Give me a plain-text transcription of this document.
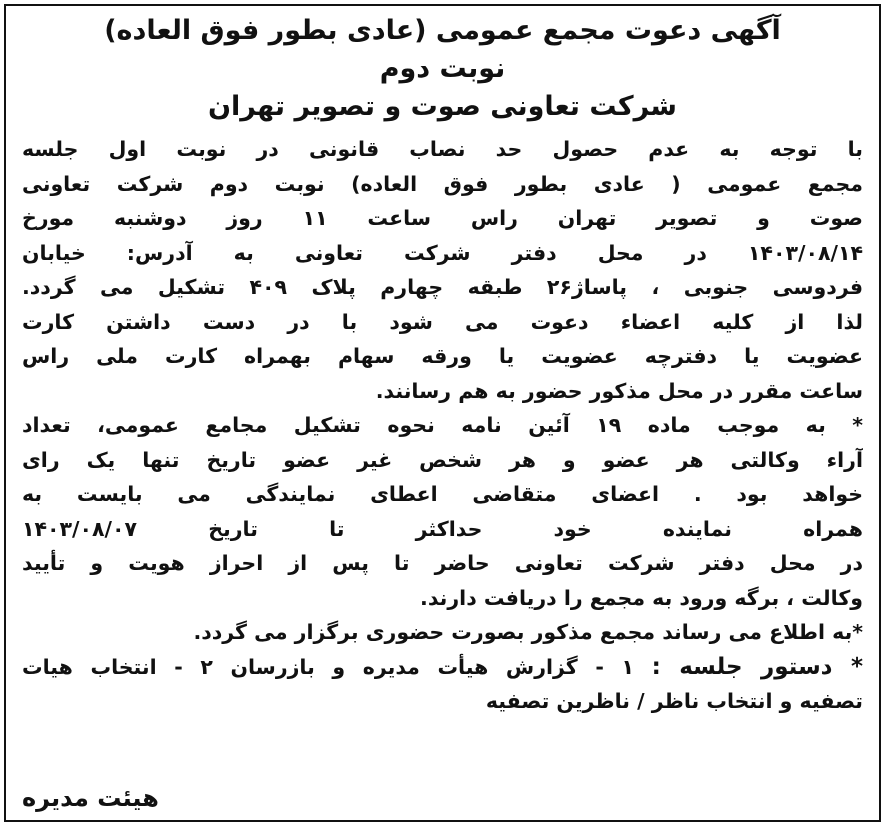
آگهی دعوت مجمع عمومی (عادی بطور فوق العاده)
نوبت دوم
شرکت تعاونی صوت و تصویر تهران
با توجه به عدم حصول حد نصاب قانونی در نوبت اول جلسه
مجمع عمومی ( عادی بطور فوق العاده) نوبت دوم شرکت تعاونی
صوت و تصویر تهران راس ساعت ۱۱ روز دوشنبه مورخ
۱۴۰۳/۰۸/۱۴ در محل دفتر شرکت تعاونی به آدرس: خیابان
فردوسی جنوبی ، پاساژ۲۶ طبقه چهارم پلاک ۴۰۹ تشکیل می گردد.
لذا از کلیه اعضاء دعوت می شود با در دست داشتن کارت
عضویت یا دفترچه عضویت یا ورقه سهام بهمراه کارت ملی راس
ساعت مقرر در محل مذکور حضور به هم رسانند.
* به موجب ماده ۱۹ آئین نامه نحوه تشکیل مجامع عمومی، تعداد
آراء وکالتی هر عضو و هر شخص غیر عضو تاریخ تنها یک رای
خواهد بود . اعضای متقاضی اعطای نمایندگی می بایست به
همراه نماینده خود حداکثر تا تاریخ ۱۴۰۳/۰۸/۰۷
در محل دفتر شرکت تعاونی حاضر تا پس از احراز هویت و تأیید
وکالت ، برگه ورود به مجمع را دریافت دارند.
*به اطلاع می رساند مجمع مذکور بصورت حضوری برگزار می گردد.
* دستور جلسه : ۱ - گزارش هیأت مدیره و بازرسان ۲ - انتخاب هیات
تصفیه و انتخاب ناظر / ناظرین تصفیه
هیئت مدیره
